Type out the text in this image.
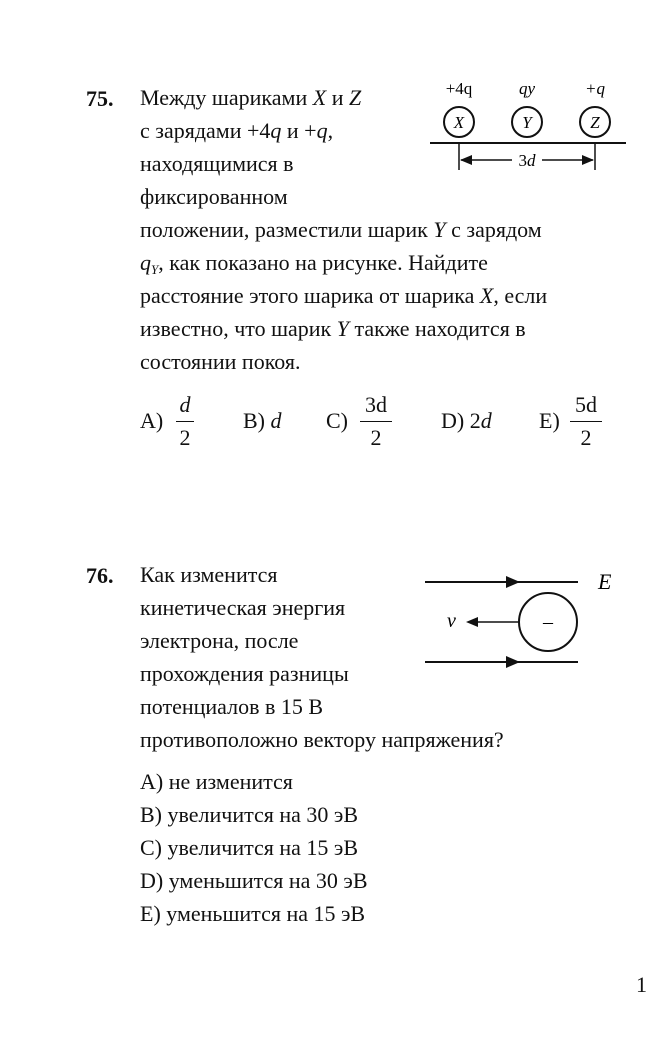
75. Между шариками X и Z
с зарядами +4q и +q,
находящимися в
фиксированном
положении, разместили шарик Y с зарядом
$q_Y$, как показано на рисунке. Найдите
расстояние этого шарика от шарика X, если
известно, что шарик Y также находится в
состоянии покоя.
+4q	qy	+q
X	Y	Z
3d
A)
d
2
B) d C)
3d
2
D) 2d E)
5d
2
76. Как изменится
кинетическая энергия
электрона, после
прохождения разницы
потенциалов в 15 В
противоположно вектору напряжения?
E
–
v
A) не изменится
B) увеличится на 30 эВ
C) увеличится на 15 эВ
D) уменьшится на 30 эВ
E) уменьшится на 15 эВ
1
